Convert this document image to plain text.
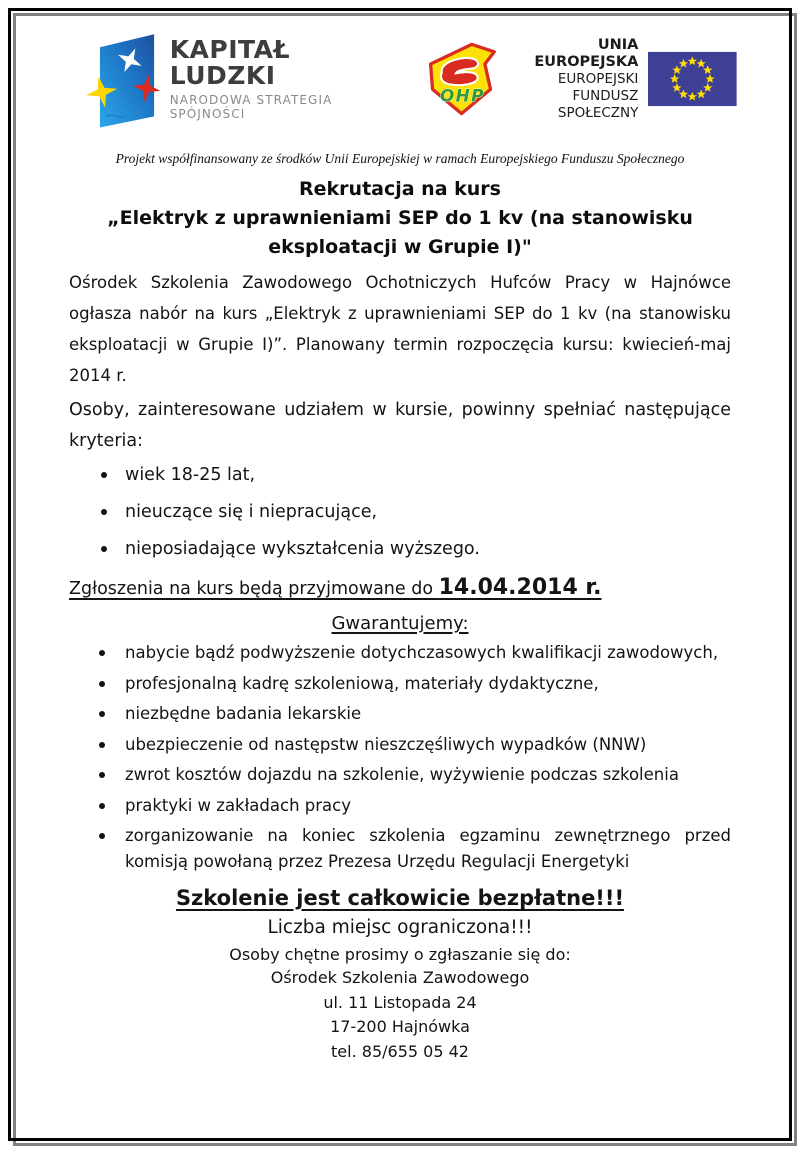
KAPITAŁ LUDZKI
NARODOWA STRATEGIA SPÓJNOŚCI
OHP
UNIA EUROPEJSKA
EUROPEJSKI
FUNDUSZ SPOŁECZNY
Projekt współfinansowany ze środków Unii Europejskiej w ramach Europejskiego Funduszu Społecznego
Rekrutacja na kurs
„Elektryk z uprawnieniami SEP do 1 kv (na stanowisku
eksploatacji w Grupie I)"

Ośrodek Szkolenia Zawodowego Ochotniczych Hufców Pracy w Hajnówce ogłasza nabór na kurs „Elektryk z uprawnieniami SEP do 1 kv (na stanowisku eksploatacji w Grupie I)”. Planowany termin rozpoczęcia kursu: kwiecień-maj 2014 r.

Osoby, zainteresowane udziałem w kursie, powinny spełniać następujące kryteria:

wiek 18-25 lat,
nieuczące się i niepracujące,
nieposiadające wykształcenia wyższego.
Zgłoszenia na kurs będą przyjmowane do 14.04.2014 r.
Gwarantujemy:
nabycie bądź podwyższenie dotychczasowych kwalifikacji zawodowych,
profesjonalną kadrę szkoleniową, materiały dydaktyczne,
niezbędne badania lekarskie
ubezpieczenie od następstw nieszczęśliwych wypadków (NNW)
zwrot kosztów dojazdu na szkolenie, wyżywienie podczas szkolenia
praktyki w zakładach pracy
zorganizowanie na koniec szkolenia egzaminu zewnętrznego przed komisją powołaną przez Prezesa Urzędu Regulacji Energetyki
Szkolenie jest całkowicie bezpłatne!!!
Liczba miejsc ograniczona!!!
Osoby chętne prosimy o zgłaszanie się do:
Ośrodek Szkolenia Zawodowego
ul. 11 Listopada 24
17-200 Hajnówka
tel. 85/655 05 42
